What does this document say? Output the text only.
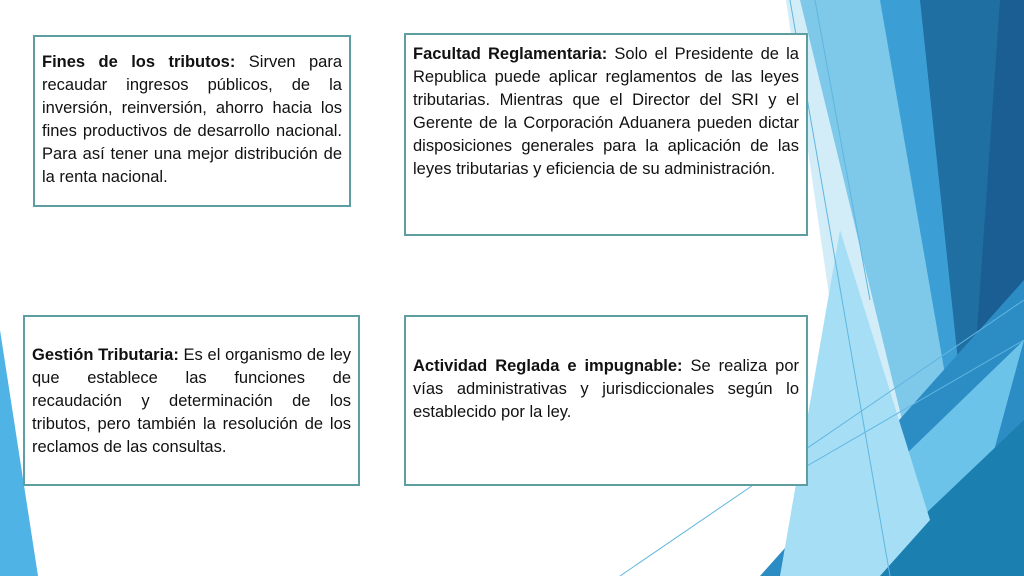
Fines de los tributos: Sirven para recaudar ingresos públicos, de la inversión, reinversión, ahorro hacia los fines productivos de desarrollo nacional. Para así tener una mejor distribución de la renta nacional.
Facultad Reglamentaria: Solo el Presidente de la Republica puede aplicar reglamentos de las leyes tributarias. Mientras que el Director del SRI y el Gerente de la Corporación Aduanera pueden dictar disposiciones generales para la aplicación de las leyes tributarias y eficiencia de su administración.
Gestión Tributaria: Es el organismo de ley que establece las funciones de recaudación y determinación de los tributos, pero también la resolución de los reclamos de las consultas.
Actividad Reglada e impugnable: Se realiza por vías administrativas y jurisdiccionales según lo establecido por la ley.
